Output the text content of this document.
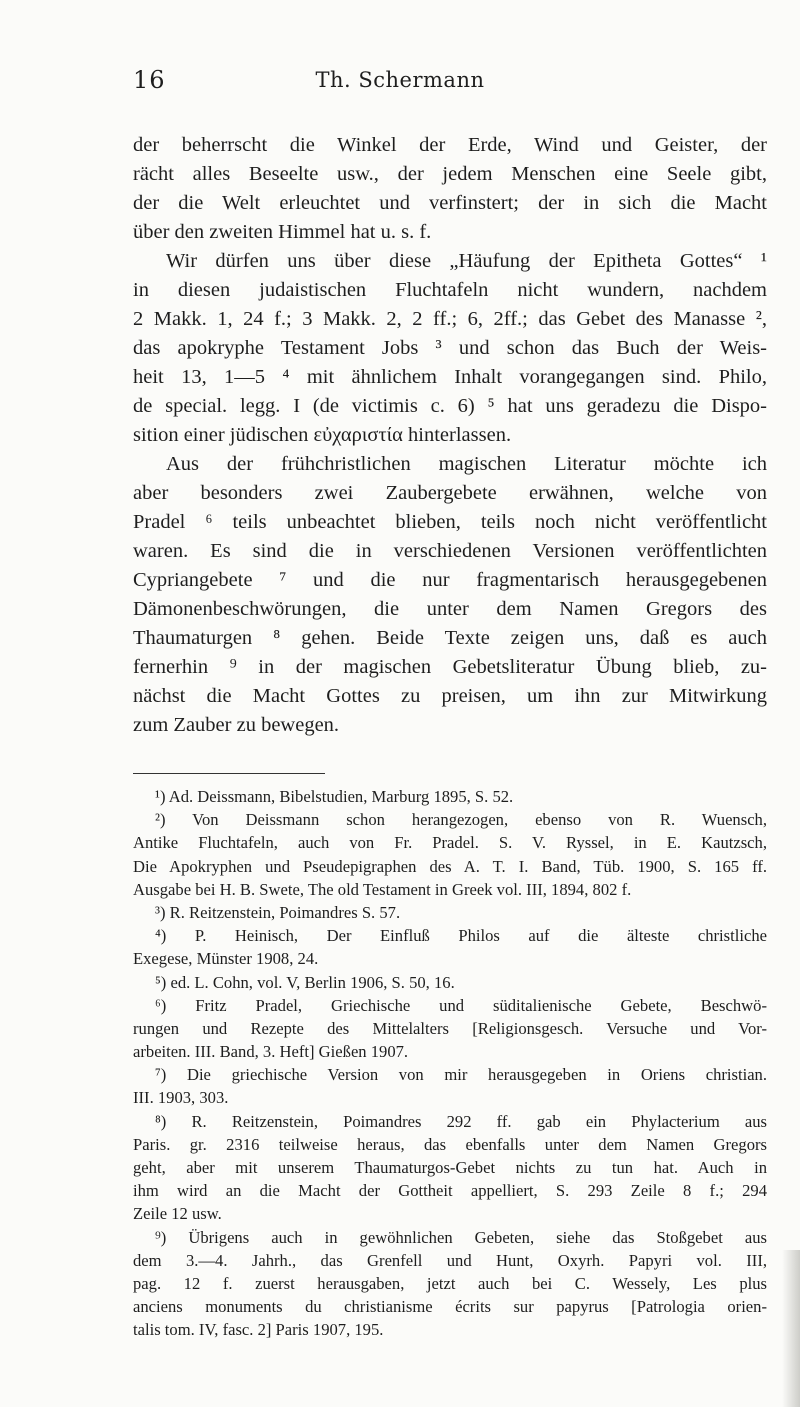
16	Th. Schermann
der beherrscht die Winkel der Erde, Wind und Geister, der
rächt alles Beseelte usw., der jedem Menschen eine Seele gibt,
der die Welt erleuchtet und verfinstert; der in sich die Macht
über den zweiten Himmel hat u. s. f.
Wir dürfen uns über diese „Häufung der Epitheta Gottes“ ¹
in diesen judaistischen Fluchtafeln nicht wundern, nachdem
2 Makk. 1, 24 f.; 3 Makk. 2, 2 ff.; 6, 2ff.; das Gebet des Manasse ²,
das apokryphe Testament Jobs ³ und schon das Buch der Weis-
heit 13, 1—5 ⁴ mit ähnlichem Inhalt vorangegangen sind. Philo,
de special. legg. I (de victimis c. 6) ⁵ hat uns geradezu die Dispo-
sition einer jüdischen εὐχαριστία hinterlassen.
Aus der frühchristlichen magischen Literatur möchte ich
aber besonders zwei Zaubergebete erwähnen, welche von
Pradel ⁶ teils unbeachtet blieben, teils noch nicht veröffentlicht
waren. Es sind die in verschiedenen Versionen veröffentlichten
Cypriangebete ⁷ und die nur fragmentarisch herausgegebenen
Dämonenbeschwörungen, die unter dem Namen Gregors des
Thaumaturgen ⁸ gehen. Beide Texte zeigen uns, daß es auch
fernerhin ⁹ in der magischen Gebetsliteratur Übung blieb, zu-
nächst die Macht Gottes zu preisen, um ihn zur Mitwirkung
zum Zauber zu bewegen.
¹) Ad. Deissmann, Bibelstudien, Marburg 1895, S. 52.
²) Von Deissmann schon herangezogen, ebenso von R. Wuensch,
Antike Fluchtafeln, auch von Fr. Pradel. S. V. Ryssel, in E. Kautzsch,
Die Apokryphen und Pseudepigraphen des A. T. I. Band, Tüb. 1900, S. 165 ff.
Ausgabe bei H. B. Swete, The old Testament in Greek vol. III, 1894, 802 f.
³) R. Reitzenstein, Poimandres S. 57.
⁴) P. Heinisch, Der Einfluß Philos auf die älteste christliche
Exegese, Münster 1908, 24.
⁵) ed. L. Cohn, vol. V, Berlin 1906, S. 50, 16.
⁶) Fritz Pradel, Griechische und süditalienische Gebete, Beschwö-
rungen und Rezepte des Mittelalters [Religionsgesch. Versuche und Vor-
arbeiten. III. Band, 3. Heft] Gießen 1907.
⁷) Die griechische Version von mir herausgegeben in Oriens christian.
III. 1903, 303.
⁸) R. Reitzenstein, Poimandres 292 ff. gab ein Phylacterium aus
Paris. gr. 2316 teilweise heraus, das ebenfalls unter dem Namen Gregors
geht, aber mit unserem Thaumaturgos-Gebet nichts zu tun hat. Auch in
ihm wird an die Macht der Gottheit appelliert, S. 293 Zeile 8 f.; 294
Zeile 12 usw.
⁹) Übrigens auch in gewöhnlichen Gebeten, siehe das Stoßgebet aus
dem 3.—4. Jahrh., das Grenfell und Hunt, Oxyrh. Papyri vol. III,
pag. 12 f. zuerst herausgaben, jetzt auch bei C. Wessely, Les plus
anciens monuments du christianisme écrits sur papyrus [Patrologia orien-
talis tom. IV, fasc. 2] Paris 1907, 195.
